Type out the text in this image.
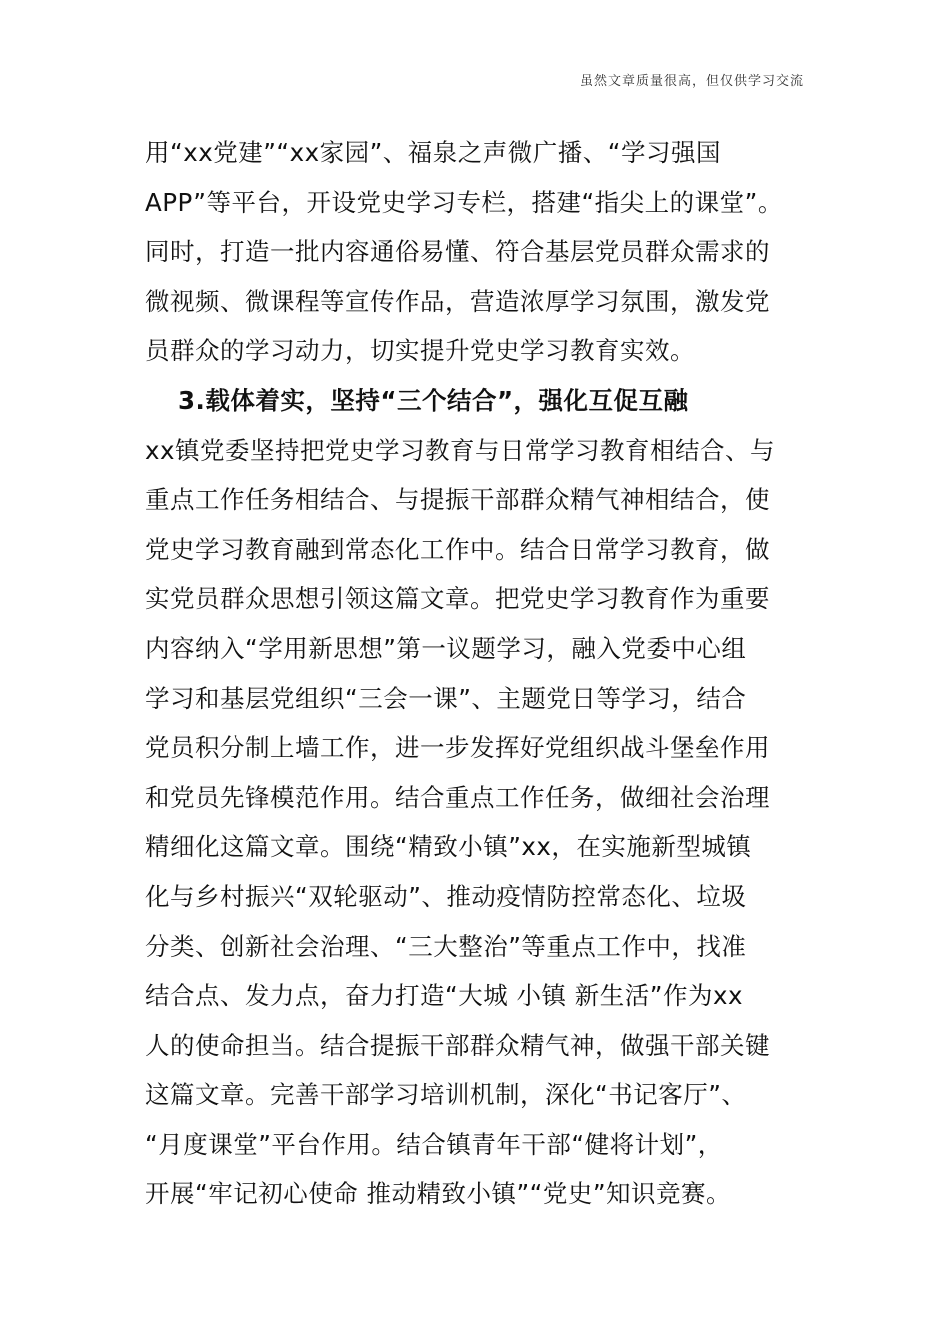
虽然文章质量很高，但仅供学习交流
用“xx党建”“xx家园”、福泉之声微广播、“学习强国
APP”等平台，开设党史学习专栏，搭建“指尖上的课堂”。
同时，打造一批内容通俗易懂、符合基层党员群众需求的
微视频、微课程等宣传作品，营造浓厚学习氛围，激发党
员群众的学习动力，切实提升党史学习教育实效。
3.载体着实，坚持“三个结合”，强化互促互融
xx镇党委坚持把党史学习教育与日常学习教育相结合、与
重点工作任务相结合、与提振干部群众精气神相结合，使
党史学习教育融到常态化工作中。结合日常学习教育，做
实党员群众思想引领这篇文章。把党史学习教育作为重要
内容纳入“学用新思想”第一议题学习，融入党委中心组
学习和基层党组织“三会一课”、主题党日等学习，结合
党员积分制上墙工作，进一步发挥好党组织战斗堡垒作用
和党员先锋模范作用。结合重点工作任务，做细社会治理
精细化这篇文章。围绕“精致小镇”xx，在实施新型城镇
化与乡村振兴“双轮驱动”、推动疫情防控常态化、垃圾
分类、创新社会治理、“三大整治”等重点工作中，找准
结合点、发力点，奋力打造“大城 小镇 新生活”作为xx
人的使命担当。结合提振干部群众精气神，做强干部关键
这篇文章。完善干部学习培训机制，深化“书记客厅”、
“月度课堂”平台作用。结合镇青年干部“健将计划”，
开展“牢记初心使命 推动精致小镇”“党史”知识竞赛。
